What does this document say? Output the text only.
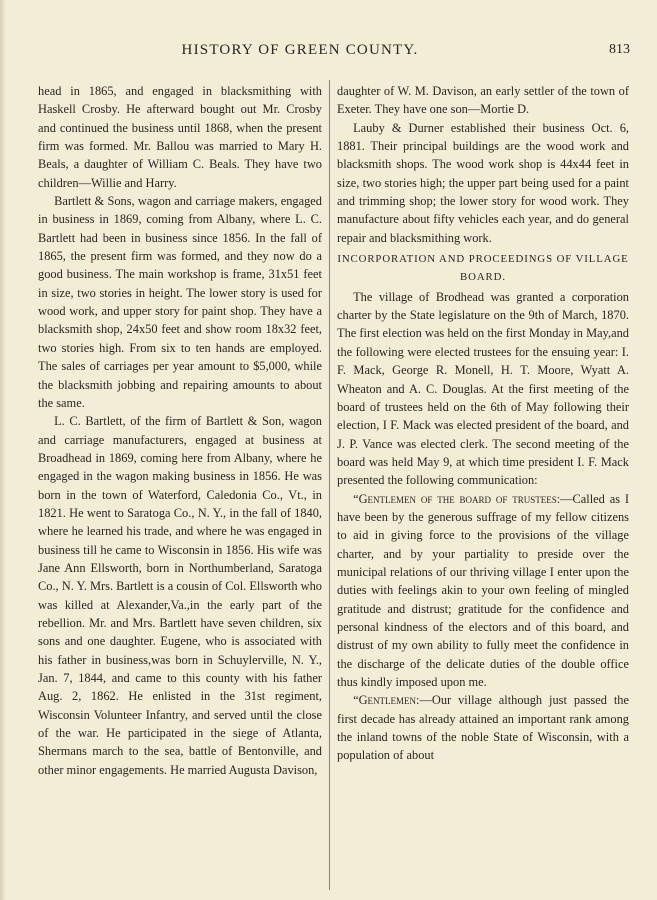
HISTORY OF GREEN COUNTY.	813

head in 1865, and engaged in blacksmithing with Haskell Crosby. He afterward bought out Mr. Crosby and continued the business until 1868, when the present firm was formed. Mr. Ballou was married to Mary H. Beals, a daughter of William C. Beals. They have two children—Willie and Harry.

Bartlett & Sons, wagon and carriage makers, engaged in business in 1869, coming from Albany, where L. C. Bartlett had been in business since 1856. In the fall of 1865, the present firm was formed, and they now do a good business. The main workshop is frame, 31x51 feet in size, two stories in height. The lower story is used for wood work, and upper story for paint shop. They have a blacksmith shop, 24x50 feet and show room 18x32 feet, two stories high. From six to ten hands are employed. The sales of carriages per year amount to $5,000, while the blacksmith jobbing and repairing amounts to about the same.

L. C. Bartlett, of the firm of Bartlett & Son, wagon and carriage manufacturers, engaged at business at Broadhead in 1869, coming here from Albany, where he engaged in the wagon making business in 1856. He was born in the town of Waterford, Caledonia Co., Vt., in 1821. He went to Saratoga Co., N. Y., in the fall of 1840, where he learned his trade, and where he was engaged in business till he came to Wisconsin in 1856. His wife was Jane Ann Ellsworth, born in Northumberland, Saratoga Co., N. Y. Mrs. Bartlett is a cousin of Col. Ellsworth who was killed at Alexander,Va.,in the early part of the rebellion. Mr. and Mrs. Bartlett have seven children, six sons and one daughter. Eugene, who is associated with his father in business,was born in Schuylerville, N. Y., Jan. 7, 1844, and came to this county with his father Aug. 2, 1862. He enlisted in the 31st regiment, Wisconsin Volunteer Infantry, and served until the close of the war. He participated in the siege of Atlanta, Shermans march to the sea, battle of Bentonville, and other minor engagements. He married Augusta Davison,

daughter of W. M. Davison, an early settler of the town of Exeter. They have one son—Mortie D.

Lauby & Durner established their business Oct. 6, 1881. Their principal buildings are the wood work and blacksmith shops. The wood work shop is 44x44 feet in size, two stories high; the upper part being used for a paint and trimming shop; the lower story for wood work. They manufacture about fifty vehicles each year, and do general repair and blacksmithing work.

INCORPORATION AND PROCEEDINGS OF VILLAGE BOARD.

The village of Brodhead was granted a corporation charter by the State legislature on the 9th of March, 1870. The first election was held on the first Monday in May,and the following were elected trustees for the ensuing year: I. F. Mack, George R. Monell, H. T. Moore, Wyatt A. Wheaton and A. C. Douglas. At the first meeting of the board of trustees held on the 6th of May following their election, I F. Mack was elected president of the board, and J. P. Vance was elected clerk. The second meeting of the board was held May 9, at which time president I. F. Mack presented the following communication:

“Gentlemen of the board of trustees:—Called as I have been by the generous suffrage of my fellow citizens to aid in giving force to the provisions of the village charter, and by your partiality to preside over the municipal relations of our thriving village I enter upon the duties with feelings akin to your own feeling of mingled gratitude and distrust; gratitude for the confidence and personal kindness of the electors and of this board, and distrust of my own ability to fully meet the confidence in the discharge of the delicate duties of the double office thus kindly imposed upon me.

“Gentlemen:—Our village although just passed the first decade has already attained an important rank among the inland towns of the noble State of Wisconsin, with a population of about
